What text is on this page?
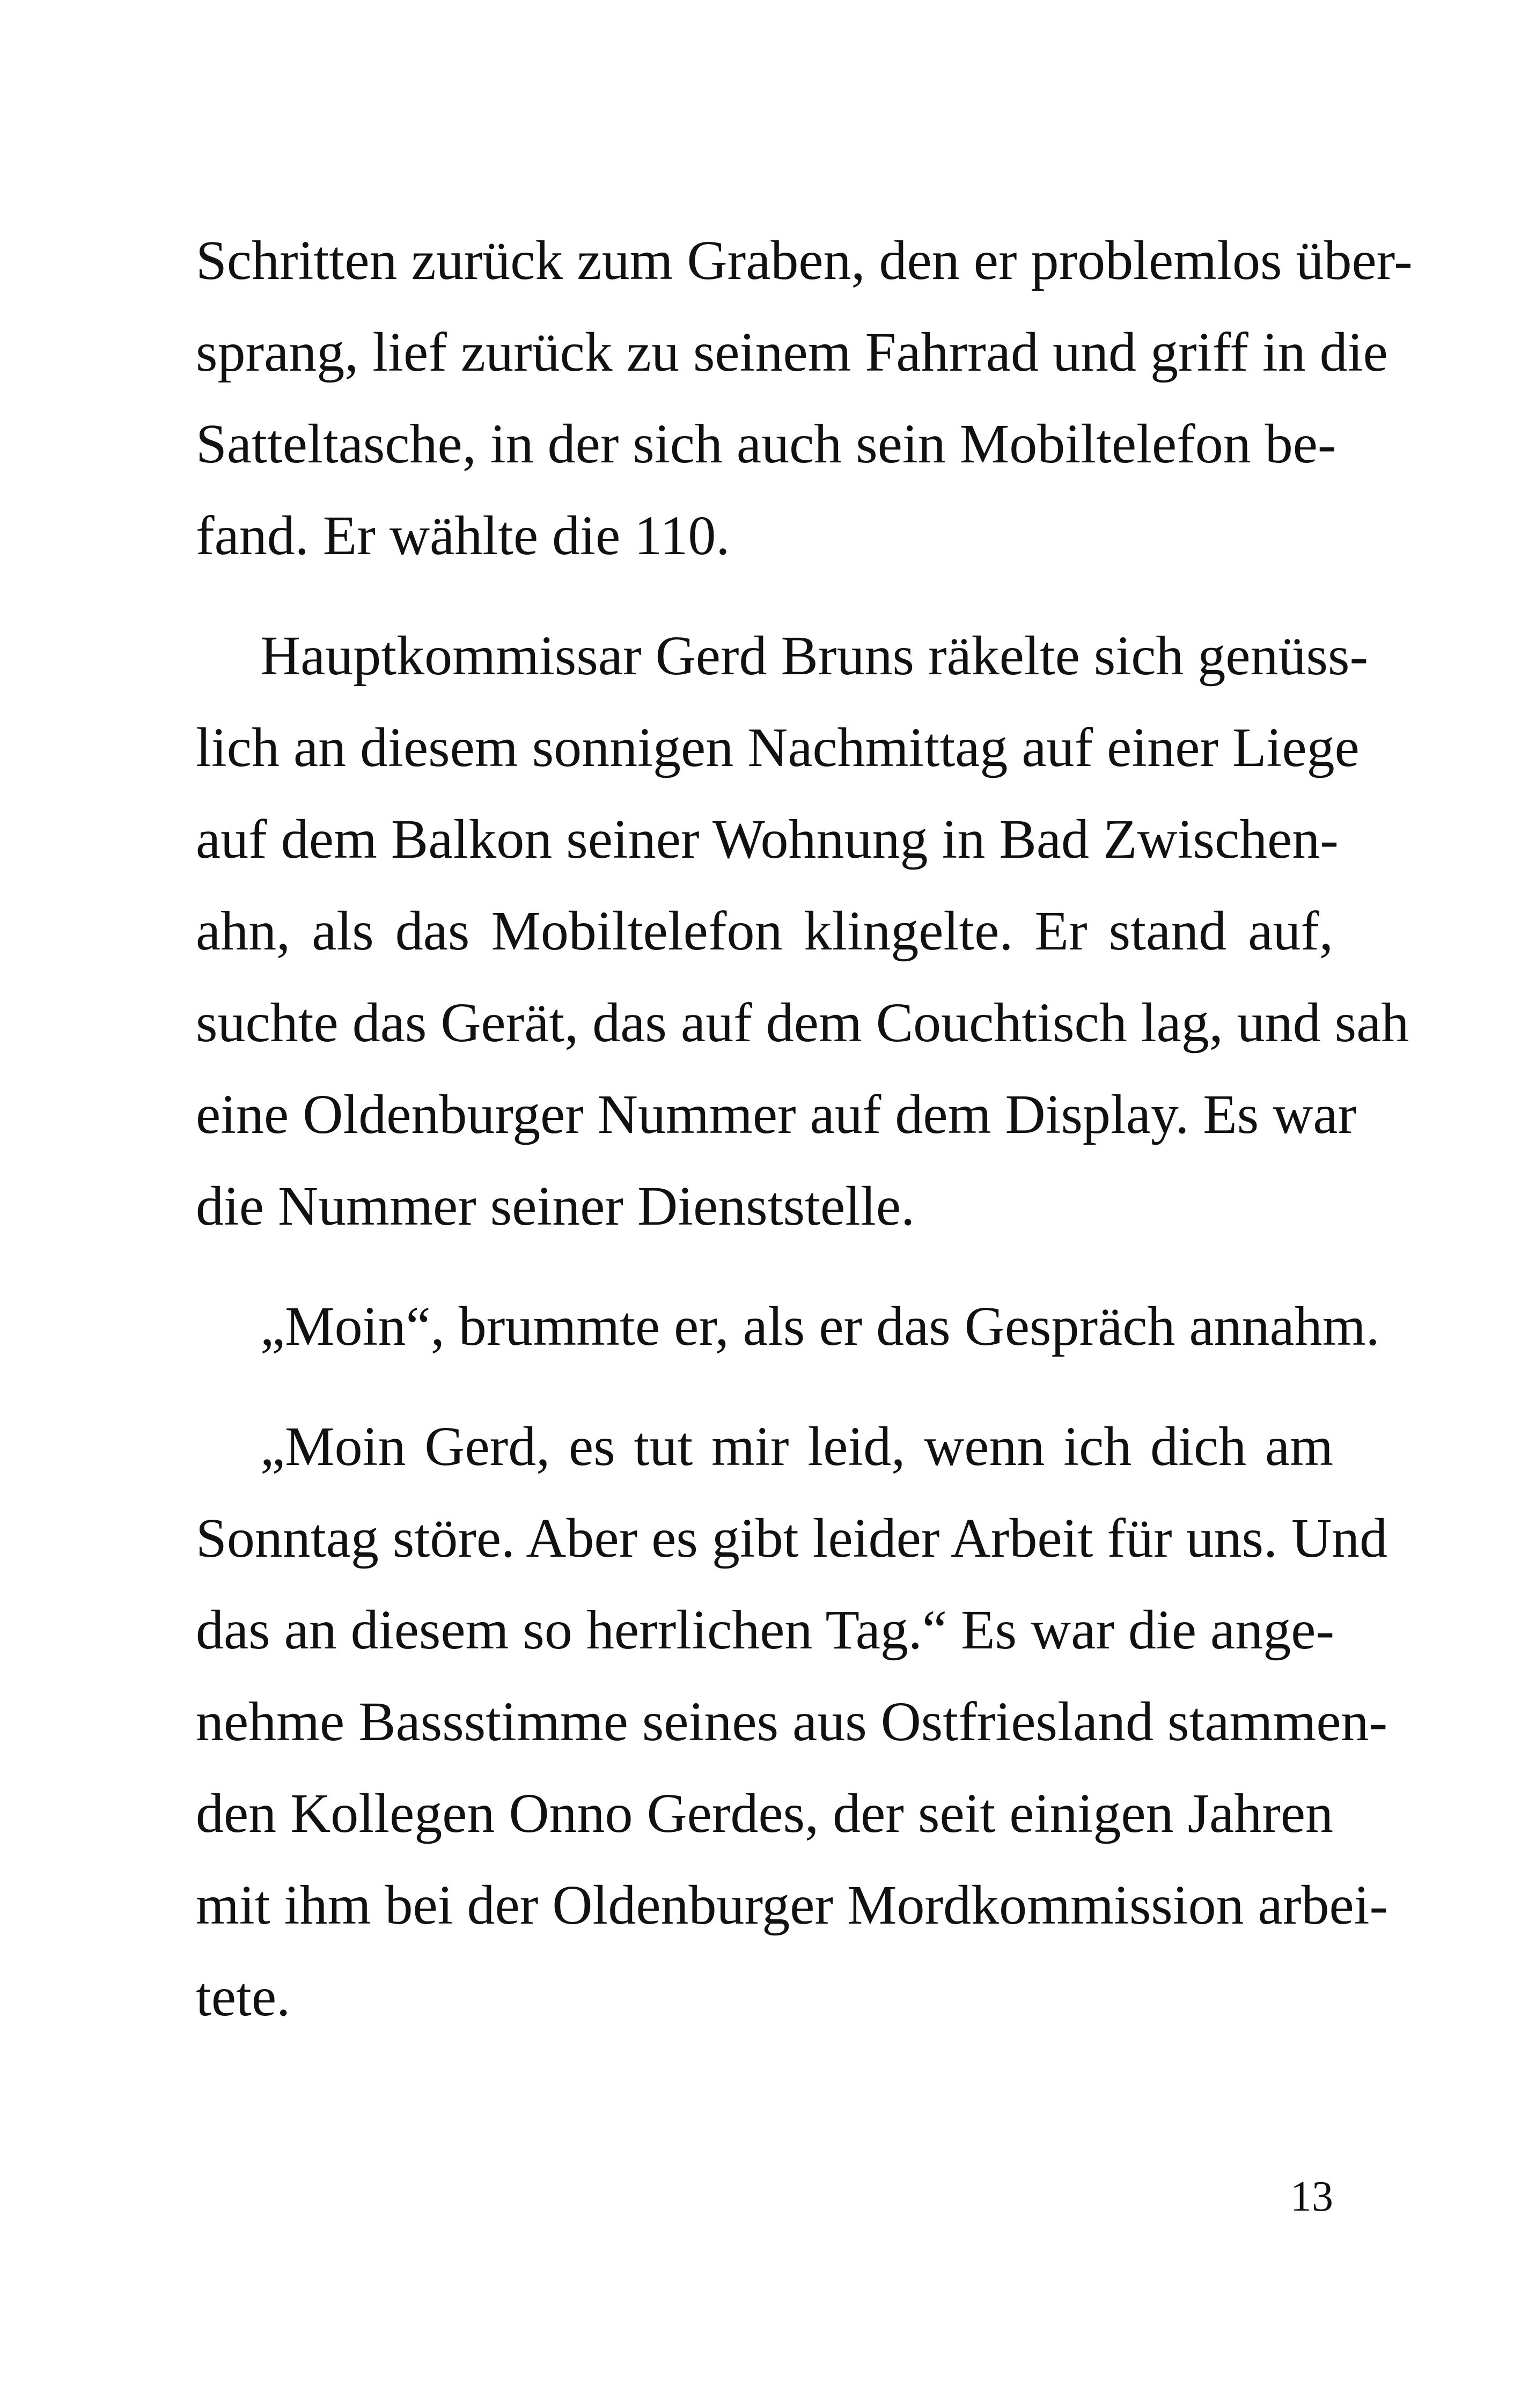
Schritten zurück zum Graben, den er problemlos über-
sprang, lief zurück zu seinem Fahrrad und griff in die
Satteltasche, in der sich auch sein Mobiltelefon be-
fand. Er wählte die 110.
Hauptkommissar Gerd Bruns räkelte sich genüss-
lich an diesem sonnigen Nachmittag auf einer Liege
auf dem Balkon seiner Wohnung in Bad Zwischen-
ahn, als das Mobiltelefon klingelte. Er stand auf,
suchte das Gerät, das auf dem Couchtisch lag, und sah
eine Oldenburger Nummer auf dem Display. Es war
die Nummer seiner Dienststelle.
„Moin“, brummte er, als er das Gespräch annahm.
„Moin Gerd, es tut mir leid, wenn ich dich am
Sonntag störe. Aber es gibt leider Arbeit für uns. Und
das an diesem so herrlichen Tag.“ Es war die ange-
nehme Bassstimme seines aus Ostfriesland stammen-
den Kollegen Onno Gerdes, der seit einigen Jahren
mit ihm bei der Oldenburger Mordkommission arbei-
tete.
13
